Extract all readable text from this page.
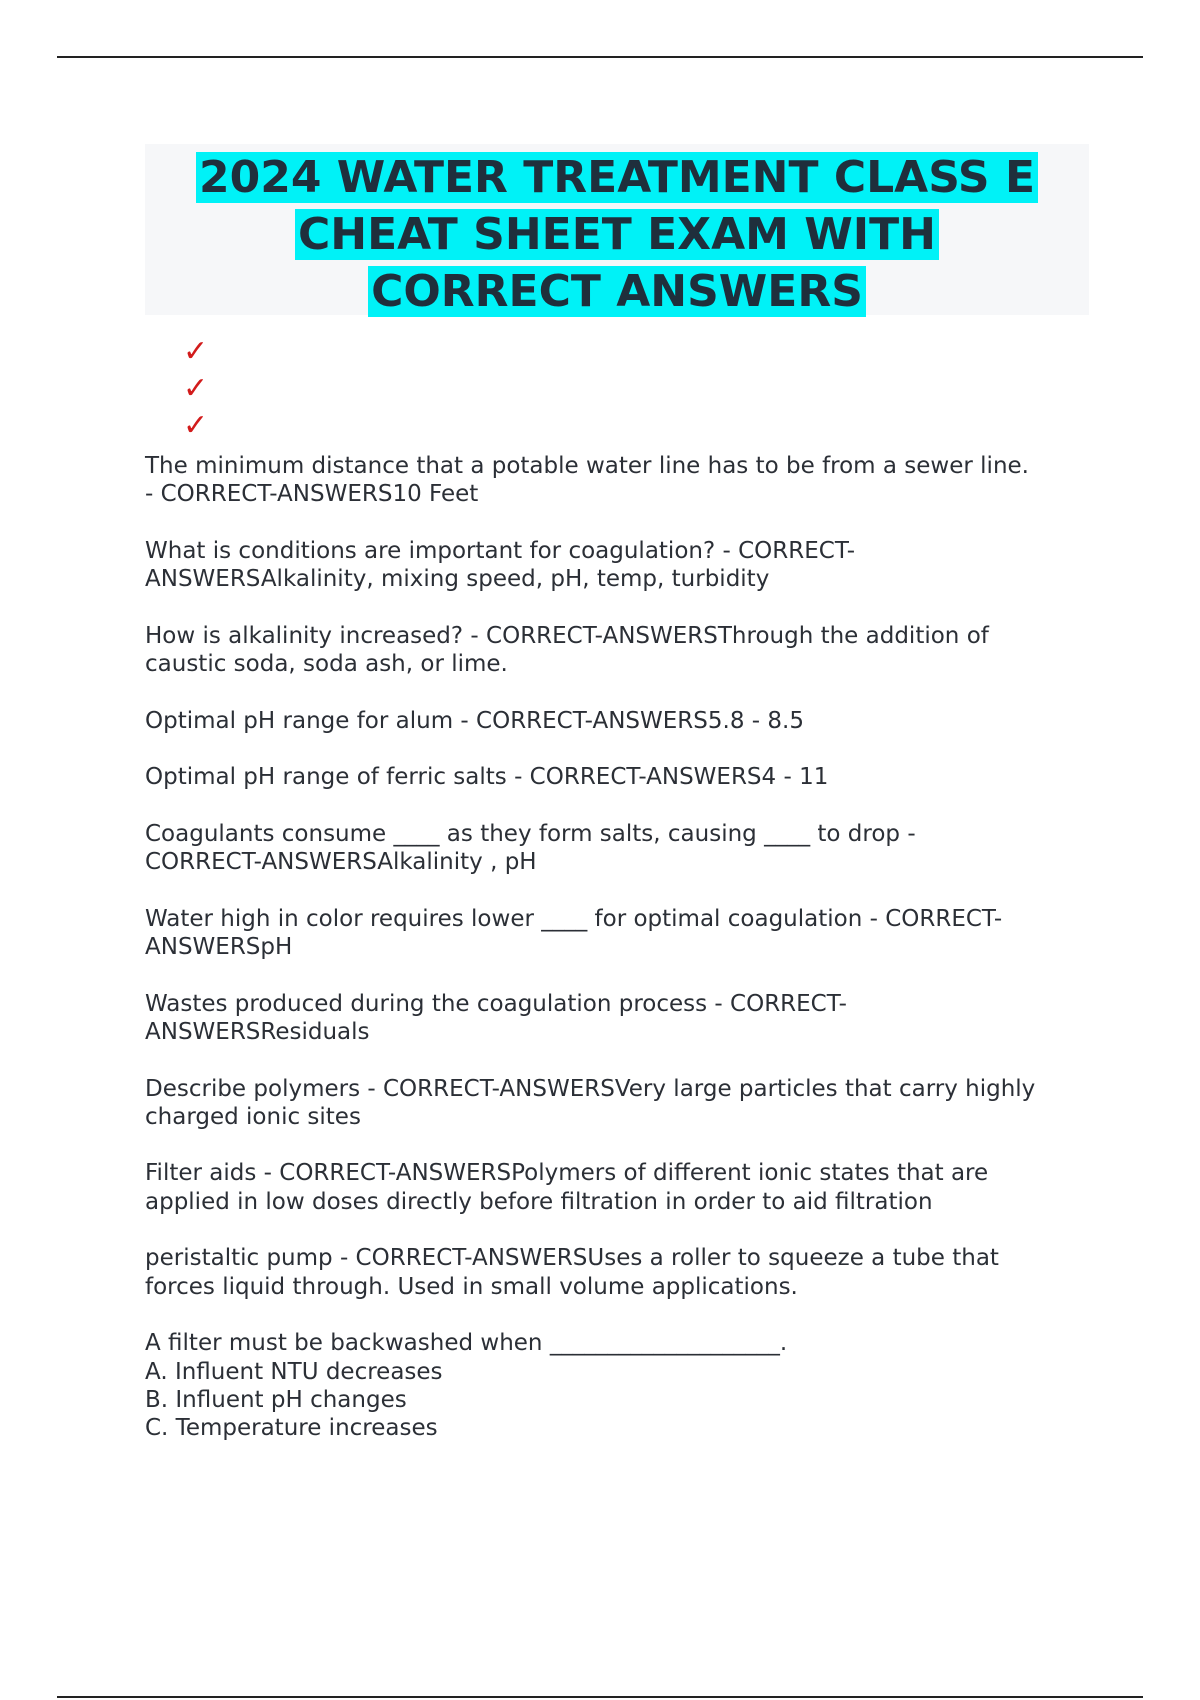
2024 WATER TREATMENT CLASS E
CHEAT SHEET EXAM WITH
CORRECT ANSWERS
✓
✓
✓

The minimum distance that a potable water line has to be from a sewer line.
- CORRECT-ANSWERS10 Feet

What is conditions are important for coagulation? - CORRECT-
ANSWERSAlkalinity, mixing speed, pH, temp, turbidity

How is alkalinity increased? - CORRECT-ANSWERSThrough the addition of
caustic soda, soda ash, or lime.

Optimal pH range for alum - CORRECT-ANSWERS5.8 - 8.5

Optimal pH range of ferric salts - CORRECT-ANSWERS4 - 11

Coagulants consume ____ as they form salts, causing ____ to drop -
CORRECT-ANSWERSAlkalinity , pH

Water high in color requires lower ____ for optimal coagulation - CORRECT-
ANSWERSpH

Wastes produced during the coagulation process - CORRECT-
ANSWERSResiduals

Describe polymers - CORRECT-ANSWERSVery large particles that carry highly
charged ionic sites

Filter aids - CORRECT-ANSWERSPolymers of different ionic states that are
applied in low doses directly before filtration in order to aid filtration

peristaltic pump - CORRECT-ANSWERSUses a roller to squeeze a tube that
forces liquid through. Used in small volume applications.

A filter must be backwashed when ____________________.
A. Influent NTU decreases
B. Influent pH changes
C. Temperature increases
